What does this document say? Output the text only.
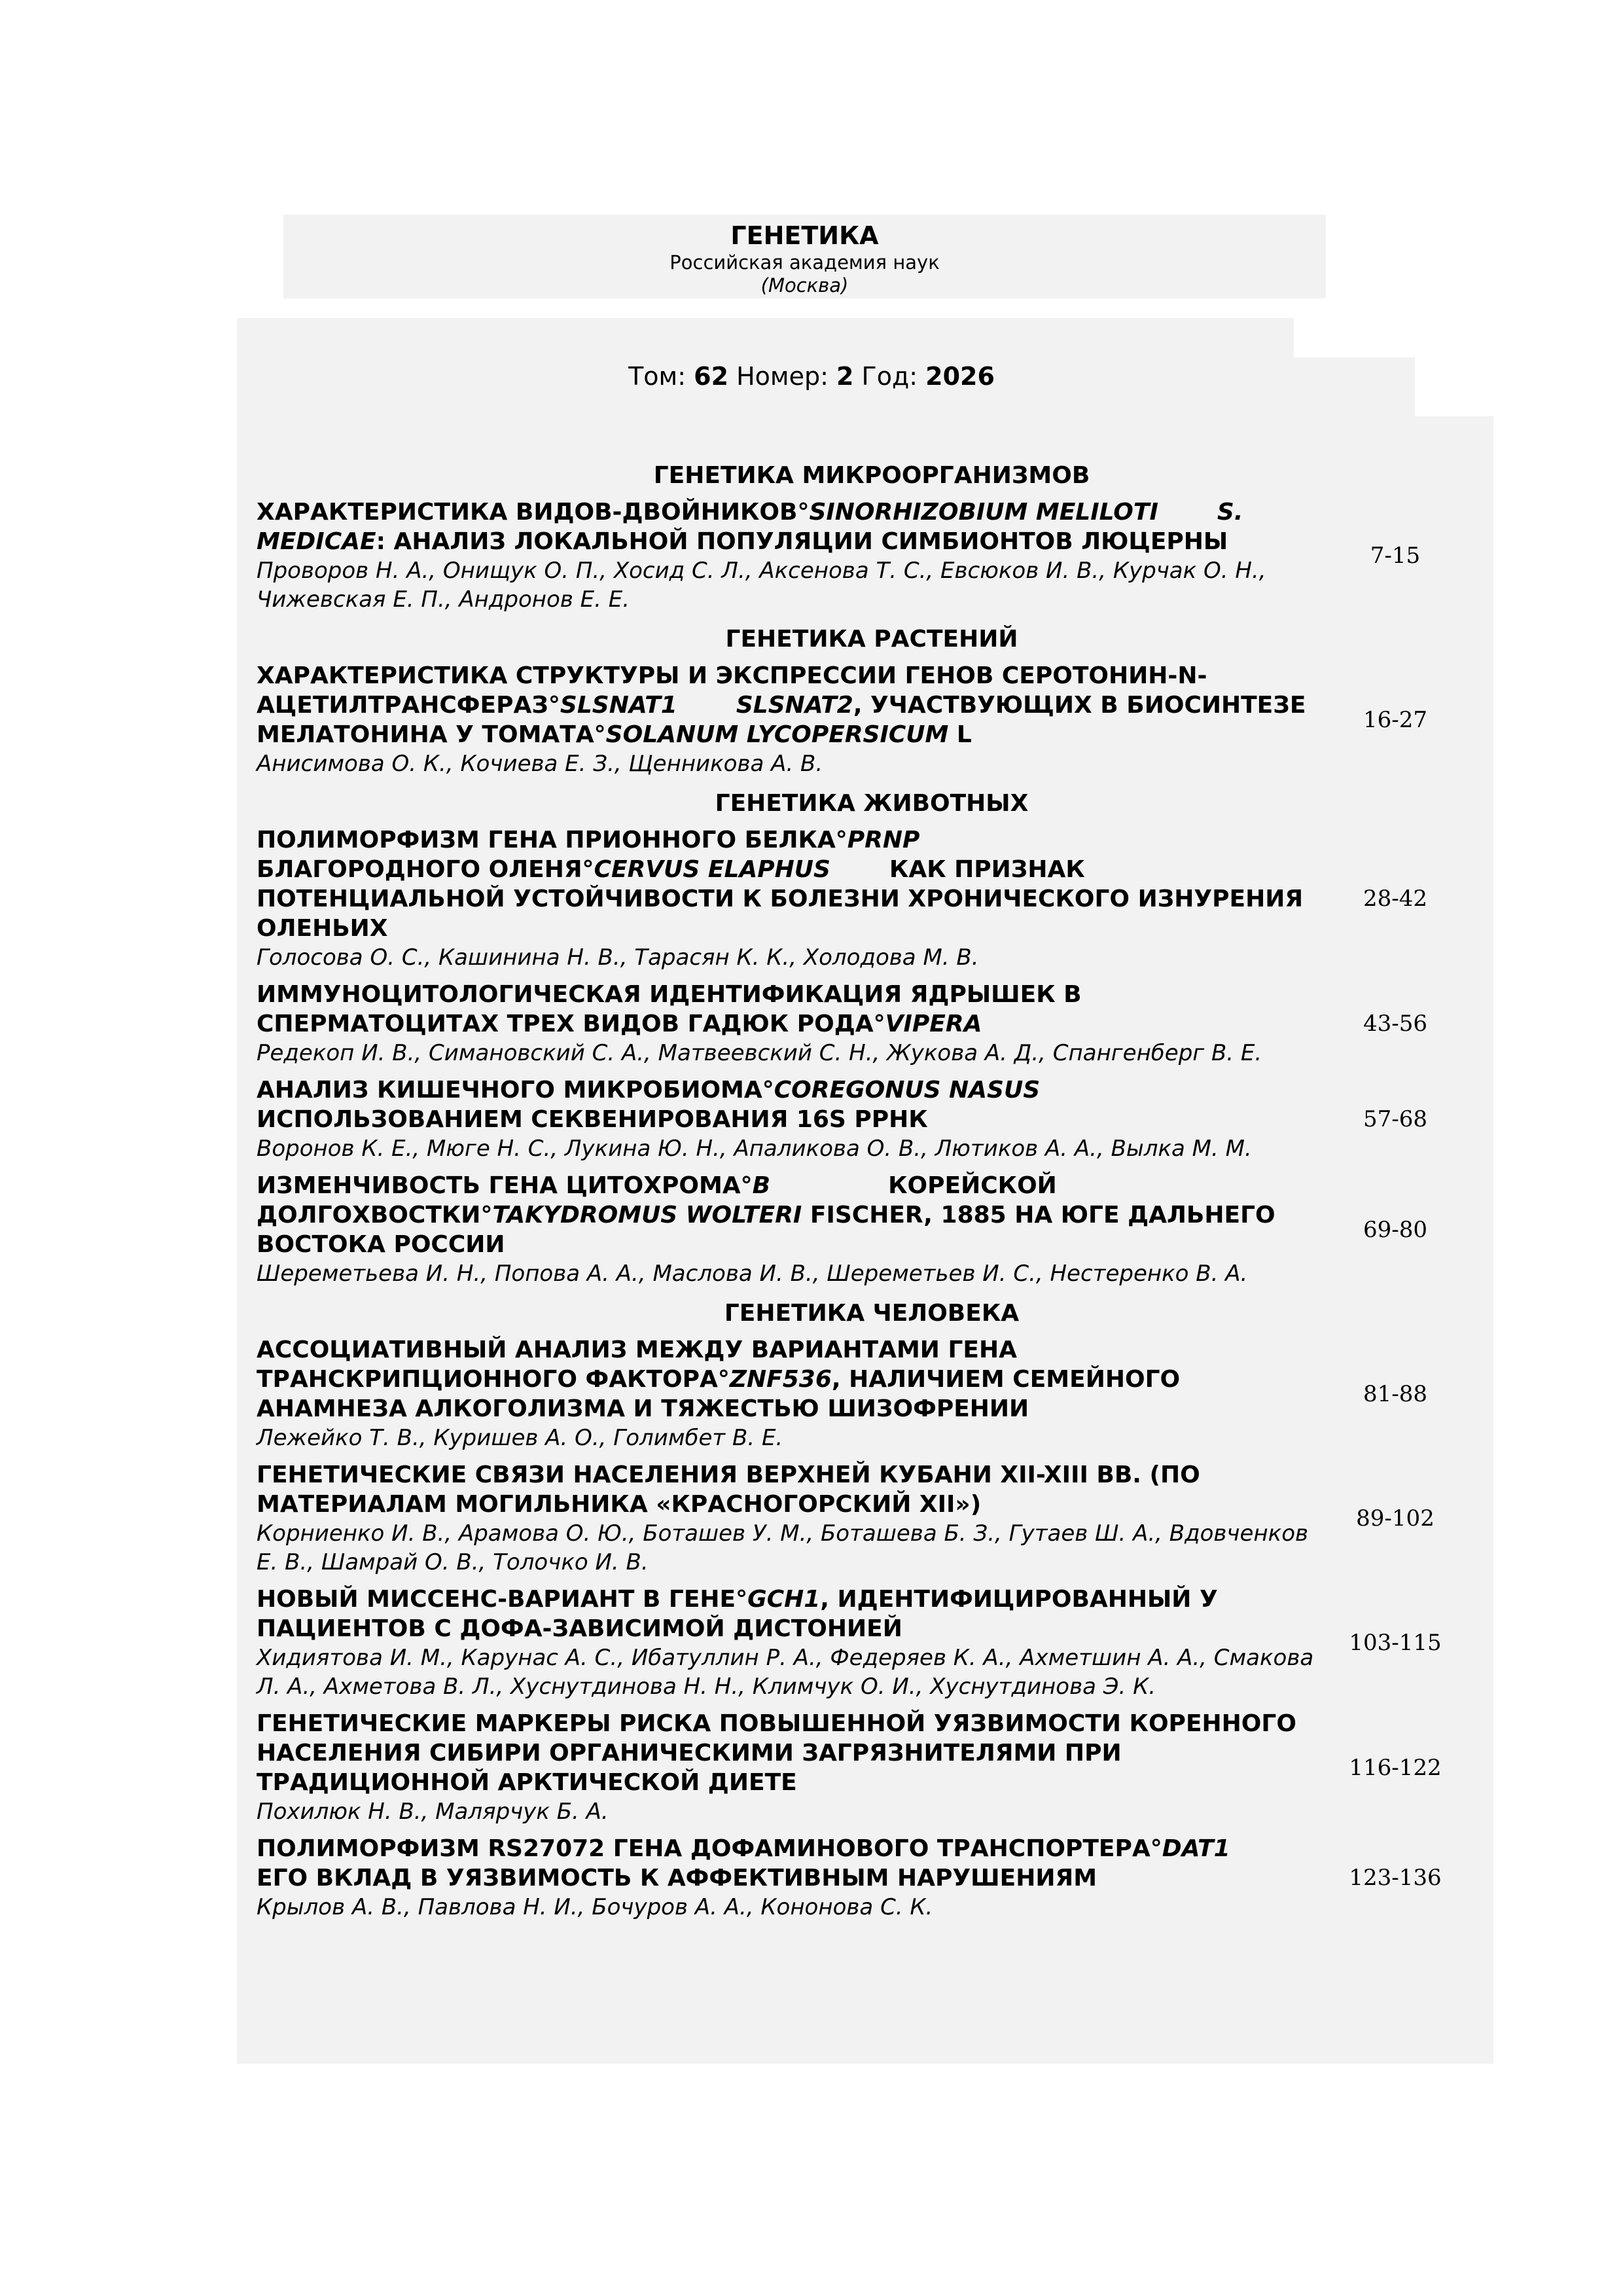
ГЕНЕТИКА
Российская академия наук
(Москва)
Том: 62 Номер: 2 Год: 2026
ГЕНЕТИКА МИКРООРГАНИЗМОВ
ХАРАКТЕРИСТИКА ВИДОВ-ДВОЙНИКОВ°SINORHIZOBIUM MELILOTI	S. MEDICAE: АНАЛИЗ ЛОКАЛЬНОЙ ПОПУЛЯЦИИ СИМБИОНТОВ ЛЮЦЕРНЫ
Проворов Н. А., Онищук О. П., Хосид С. Л., Аксенова Т. С., Евсюков И. В., Курчак О. Н., Чижевская Е. П., Андронов Е. Е.
7-15
ГЕНЕТИКА РАСТЕНИЙ
ХАРАКТЕРИСТИКА СТРУКТУРЫ И ЭКСПРЕССИИ ГЕНОВ СЕРОТОНИН-N-АЦЕТИЛТРАНСФЕРАЗ°SLSNAT1	SLSNAT2, УЧАСТВУЮЩИХ В БИОСИНТЕЗЕ МЕЛАТОНИНА У ТОМАТА°SOLANUM LYCOPERSICUM L
Анисимова О. К., Кочиева Е. З., Щенникова А. В.
16-27
ГЕНЕТИКА ЖИВОТНЫХ
ПОЛИМОРФИЗМ ГЕНА ПРИОННОГО БЕЛКА°PRNPБЛАГОРОДНОГО ОЛЕНЯ°CERVUS ELAPHUS	КАК ПРИЗНАК ПОТЕНЦИАЛЬНОЙ УСТОЙЧИВОСТИ К БОЛЕЗНИ ХРОНИЧЕСКОГО ИЗНУРЕНИЯ ОЛЕНЬИХ
Голосова О. С., Кашинина Н. В., Тарасян К. К., Холодова М. В.
28-42
ИММУНОЦИТОЛОГИЧЕСКАЯ ИДЕНТИФИКАЦИЯ ЯДРЫШЕК В СПЕРМАТОЦИТАХ ТРЕХ ВИДОВ ГАДЮК РОДА°VIPERA
Редекоп И. В., Симановский С. А., Матвеевский С. Н., Жукова А. Д., Спангенберг В. Е.
43-56
АНАЛИЗ КИШЕЧНОГО МИКРОБИОМА°COREGONUS NASUSИСПОЛЬЗОВАНИЕМ СЕКВЕНИРОВАНИЯ 16S РРНК
Воронов К. Е., Мюге Н. С., Лукина Ю. Н., Апаликова О. В., Лютиков А. А., Вылка М. М.
57-68
ИЗМЕНЧИВОСТЬ ГЕНА ЦИТОХРОМА°B	КОРЕЙСКОЙ ДОЛГОХВОСТКИ°TAKYDROMUS WOLTERI FISCHER, 1885 НА ЮГЕ ДАЛЬНЕГО ВОСТОКА РОССИИ
Шереметьева И. Н., Попова А. А., Маслова И. В., Шереметьев И. С., Нестеренко В. А.
69-80
ГЕНЕТИКА ЧЕЛОВЕКА
АССОЦИАТИВНЫЙ АНАЛИЗ МЕЖДУ ВАРИАНТАМИ ГЕНА ТРАНСКРИПЦИОННОГО ФАКТОРА°ZNF536, НАЛИЧИЕМ СЕМЕЙНОГО АНАМНЕЗА АЛКОГОЛИЗМА И ТЯЖЕСТЬЮ ШИЗОФРЕНИИ
Лежейко Т. В., Куришев А. О., Голимбет В. Е.
81-88
ГЕНЕТИЧЕСКИЕ СВЯЗИ НАСЕЛЕНИЯ ВЕРХНЕЙ КУБАНИ XII-XIII ВВ. (ПО МАТЕРИАЛАМ МОГИЛЬНИКА «КРАСНОГОРСКИЙ XII»)
Корниенко И. В., Арамова О. Ю., Боташев У. М., Боташева Б. З., Гутаев Ш. А., Вдовченков Е. В., Шамрай О. В., Толочко И. В.
89-102
НОВЫЙ МИССЕНС-ВАРИАНТ В ГЕНЕ°GCH1, ИДЕНТИФИЦИРОВАННЫЙ У ПАЦИЕНТОВ С ДОФА-ЗАВИСИМОЙ ДИСТОНИЕЙ
Хидиятова И. М., Карунас А. С., Ибатуллин Р. А., Федеряев К. А., Ахметшин А. А., Смакова Л. А., Ахметова В. Л., Хуснутдинова Н. Н., Климчук О. И., Хуснутдинова Э. К.
103-115
ГЕНЕТИЧЕСКИЕ МАРКЕРЫ РИСКА ПОВЫШЕННОЙ УЯЗВИМОСТИ КОРЕННОГО НАСЕЛЕНИЯ СИБИРИ ОРГАНИЧЕСКИМИ ЗАГРЯЗНИТЕЛЯМИ ПРИ ТРАДИЦИОННОЙ АРКТИЧЕСКОЙ ДИЕТЕ
Похилюк Н. В., Малярчук Б. А.
116-122
ПОЛИМОРФИЗМ RS27072 ГЕНА ДОФАМИНОВОГО ТРАНСПОРТЕРА°DAT1ЕГО ВКЛАД В УЯЗВИМОСТЬ К АФФЕКТИВНЫМ НАРУШЕНИЯМ
Крылов А. В., Павлова Н. И., Бочуров А. А., Кононова С. К.
123-136
